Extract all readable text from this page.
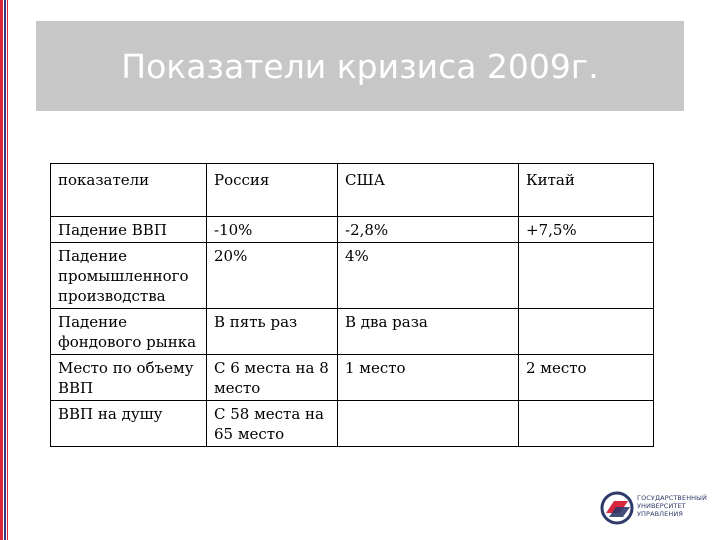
Показатели кризиса 2009г.
показатели	Россия	США	Китай
Падение ВВП	-10%	-2,8%	+7,5%
Падение промышленного производства	20%	4%	
Падение фондового рынка	В пять раз	В два раза	
Место по объему ВВП	С 6 места на 8 место	1 место	2 место
ВВП на душу	С 58 места на 65 место		
ГОСУДАРСТВЕННЫЙ
УНИВЕРСИТЕТ
УПРАВЛЕНИЯ
